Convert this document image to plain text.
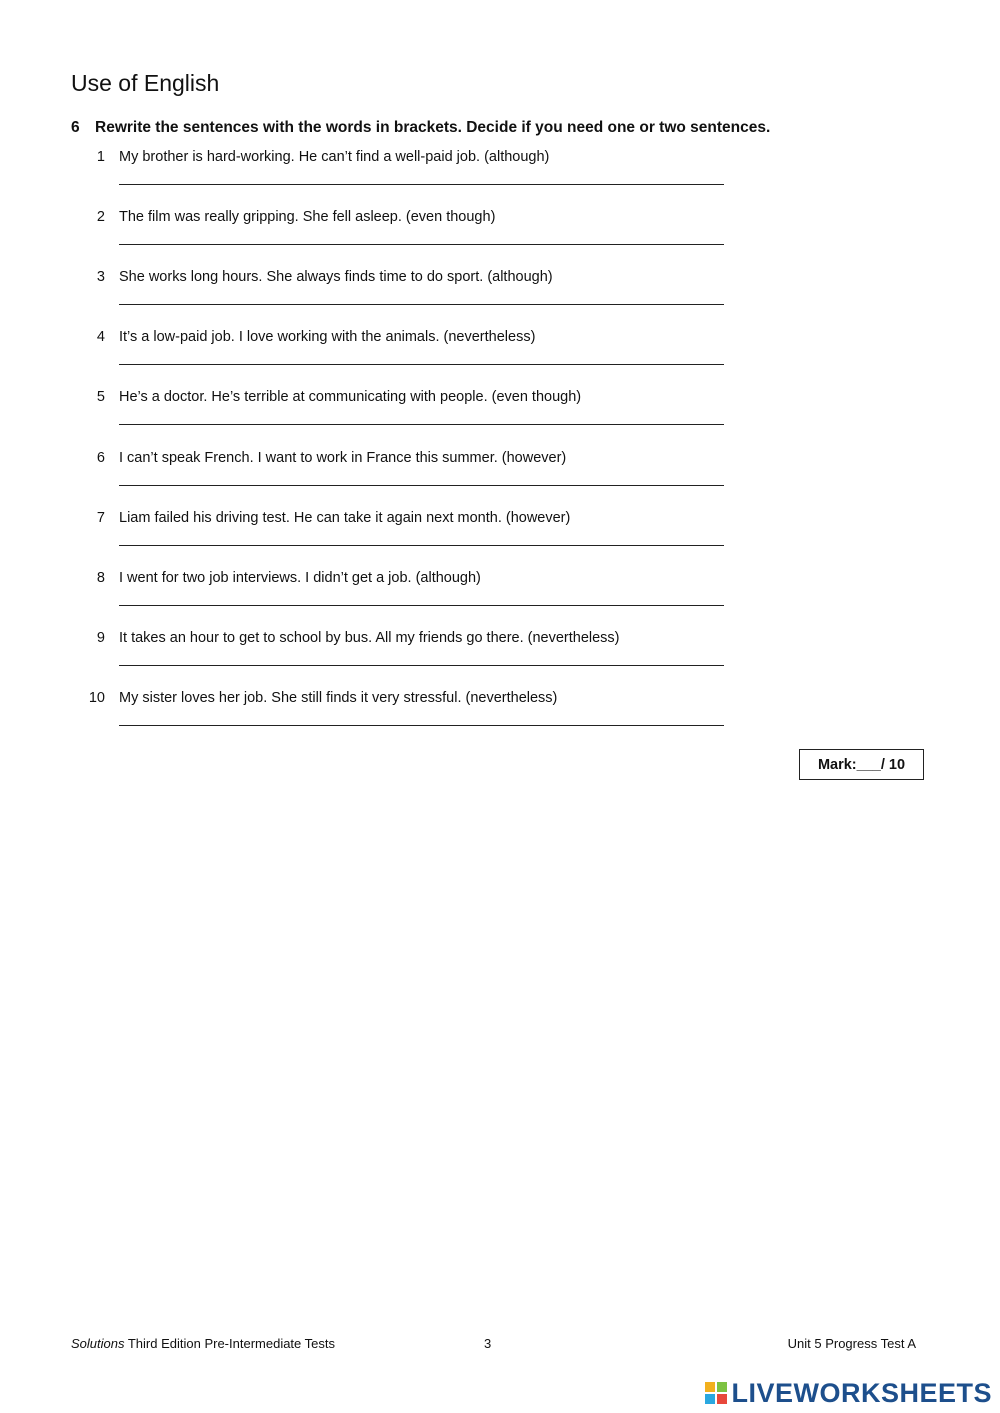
Use of English
6 Rewrite the sentences with the words in brackets. Decide if you need one or two sentences.
1 My brother is hard-working. He can’t find a well-paid job. (although)
2 The film was really gripping. She fell asleep. (even though)
3 She works long hours. She always finds time to do sport. (although)
4 It’s a low-paid job. I love working with the animals. (nevertheless)
5 He’s a doctor. He’s terrible at communicating with people. (even though)
6 I can’t speak French. I want to work in France this summer. (however)
7 Liam failed his driving test. He can take it again next month. (however)
8 I went for two job interviews. I didn’t get a job. (although)
9 It takes an hour to get to school by bus. All my friends go there. (nevertheless)
10 My sister loves her job. She still finds it very stressful. (nevertheless)
Mark: ___ / 10
Solutions Third Edition Pre-Intermediate Tests	3	Unit 5 Progress Test A
LIVEWORKSHEETS
